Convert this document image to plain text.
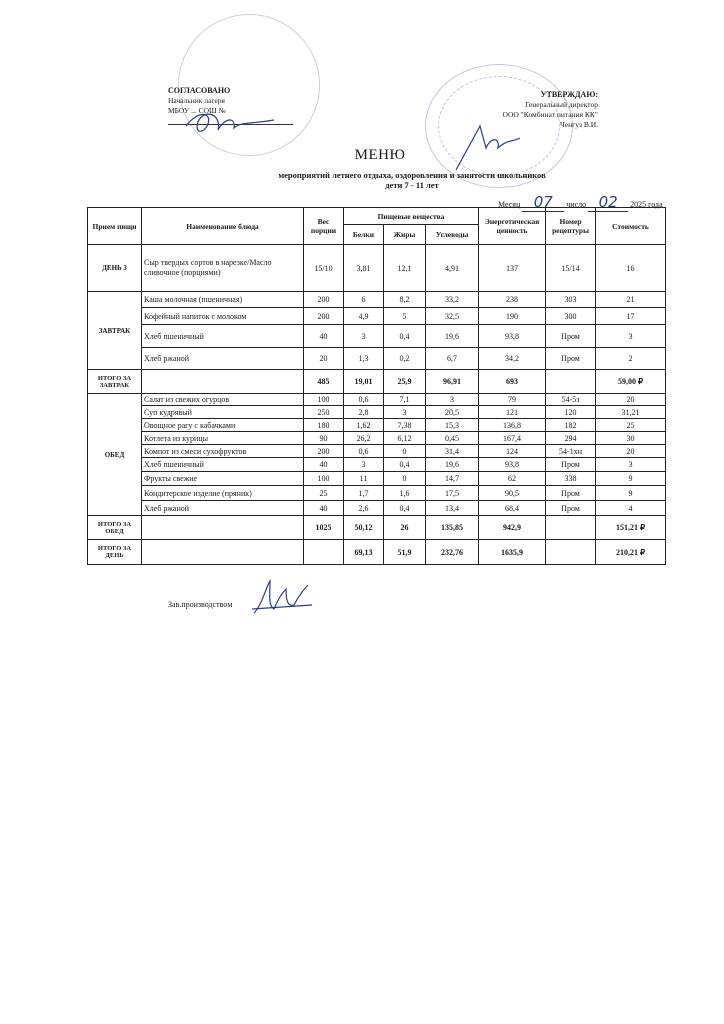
СОГЛАСОВАНО
Начальник лагеря
МБОУ ... СОШ №
УТВЕРЖДАЮ:
Генеральный директор
ООО "Комбинат питания КК"
Ченгуз В.И.
МЕНЮ
мероприятий летнего отдыха, оздоровления и занятости школьников
дети 7 - 11 лет
Месяц 07 число 02 2025 года
Прием пищи	Наименование блюда	Вес порции	Пищевые вещества			Энергетическая ценность	Номер рецептуры	Стоимость
			Белки	Жиры	Углеводы			
ДЕНЬ 3	Сыр твердых сортов в нарезке/Масло сливочное (порциями)	15/10	3,81	12,1	4,91	137	15/14	16
ЗАВТРАК	Каша молочная (пшеничная)	200	6	8,2	33,2	238	303	21
	Кофейный напиток с молоком	200	4,9	5	32,5	190	300	17
	Хлеб пшеничный	40	3	0,4	19,6	93,8	Пром	3
	Хлеб ржаной	20	1,3	0,2	6,7	34,2	Пром	2
ИТОГО ЗА ЗАВТРАК		485	19,01	25,9	96,91	693		59,00 ₽
ОБЕД	Салат из свежих огурцов	100	0,6	7,1	3	79	54-5з	20
	Суп кудрявый	250	2,8	3	20,5	121	120	31,21
	Овощное рагу с кабачками	180	1,62	7,38	15,3	136,8	182	25
	Котлета из курицы	90	26,2	6,12	0,45	167,4	294	30
	Компот из смеси сухофруктов	200	0,6	0	31,4	124	54-1хн	20
	Хлеб пшеничный	40	3	0,4	19,6	93,8	Пром	3
	Фрукты свежие	100	11	0	14,7	62	338	9
	Кондитерское изделие (пряник)	25	1,7	1,6	17,5	90,5	Пром	9
	Хлеб ржаной	40	2,6	0,4	13,4	68,4	Пром	4
ИТОГО ЗА ОБЕД		1025	50,12	26	135,85	942,9		151,21 ₽
ИТОГО ЗА ДЕНЬ			69,13	51,9	232,76	1635,9		210,21 ₽
Зав.производством
